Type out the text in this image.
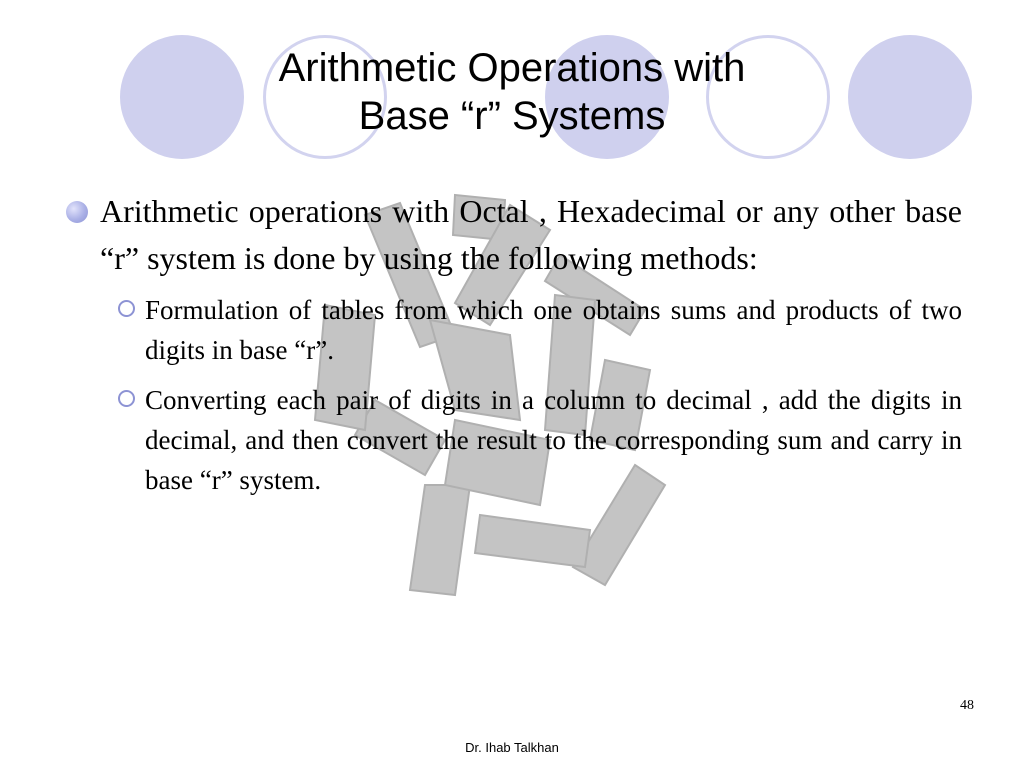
Arithmetic Operations with
Base “r” Systems
Arithmetic operations with Octal , Hexadecimal or any other base “r” system is done by using the following methods:
Formulation of tables from which one obtains sums and products of two digits in base “r”.
Converting each pair of digits in a column to decimal , add the digits in decimal, and then convert the result to the corresponding sum and carry in base “r” system.
48
Dr. Ihab Talkhan
